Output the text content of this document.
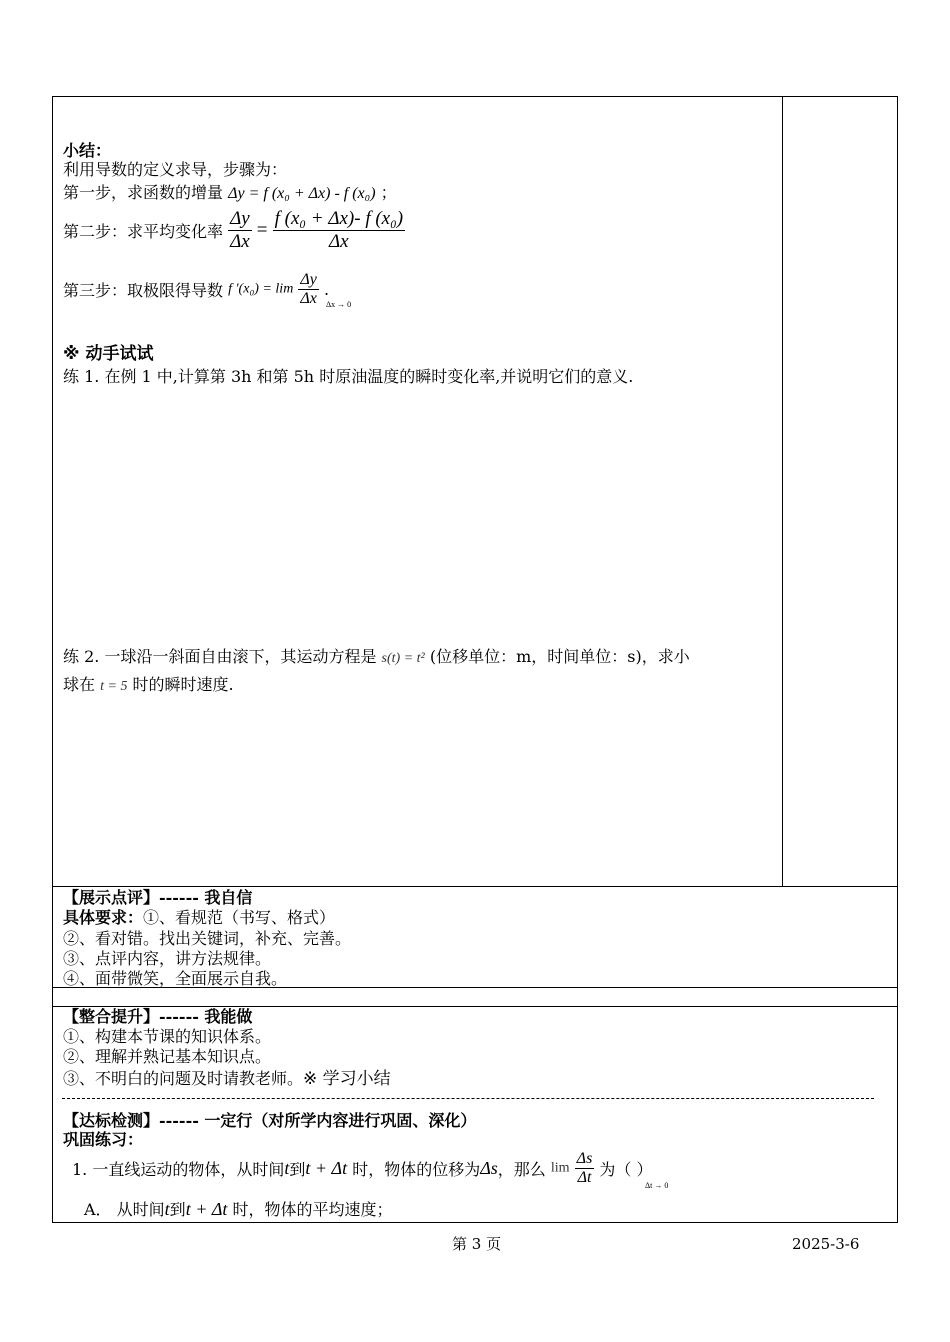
小结：
利用导数的定义求导，步骤为：
第一步，求函数的增量 Δy = f (x₀ + Δx) - f (x₀) ；
第二步：求平均变化率 $\frac{\Delta y}{\Delta x} = \frac{\text{f (x₀ + Δx)- f (x₀)}}{\Delta x}$
第三步：取极限得导数 f $'(x_0) = \lim \frac{\Delta y}{\Delta x}$ .
Δx → 0
※ 动手试试
练 1. 在例 1 中,计算第 3h 和第 5h 时原油温度的瞬时变化率,并说明它们的意义.
练 2. 一球沿一斜面自由滚下，其运动方程是 s(t) = t² (位移单位：m，时间单位：s)，求小
球在 t = 5 时的瞬时速度.
【展示点评】------ 我自信
具体要求：①、看规范（书写、格式）
②、看对错。找出关键词，补充、完善。
③、点评内容，讲方法规律。
④、面带微笑，全面展示自我。
【整合提升】------ 我能做
①、构建本节课的知识体系。
②、理解并熟记基本知识点。
③、不明白的问题及时请教老师。※ 学习小结
【达标检测】------ 一定行（对所学内容进行巩固、深化）
巩固练习：
1. 一直线运动的物体，从时间t到t + Δt 时，物体的位移为Δs，那么 $\lim \frac{\Delta s}{\Delta t}$ 为（ ）
Δt → 0
A． 从时间t到t + Δt 时，物体的平均速度；
第 3 页	2025-3-6
